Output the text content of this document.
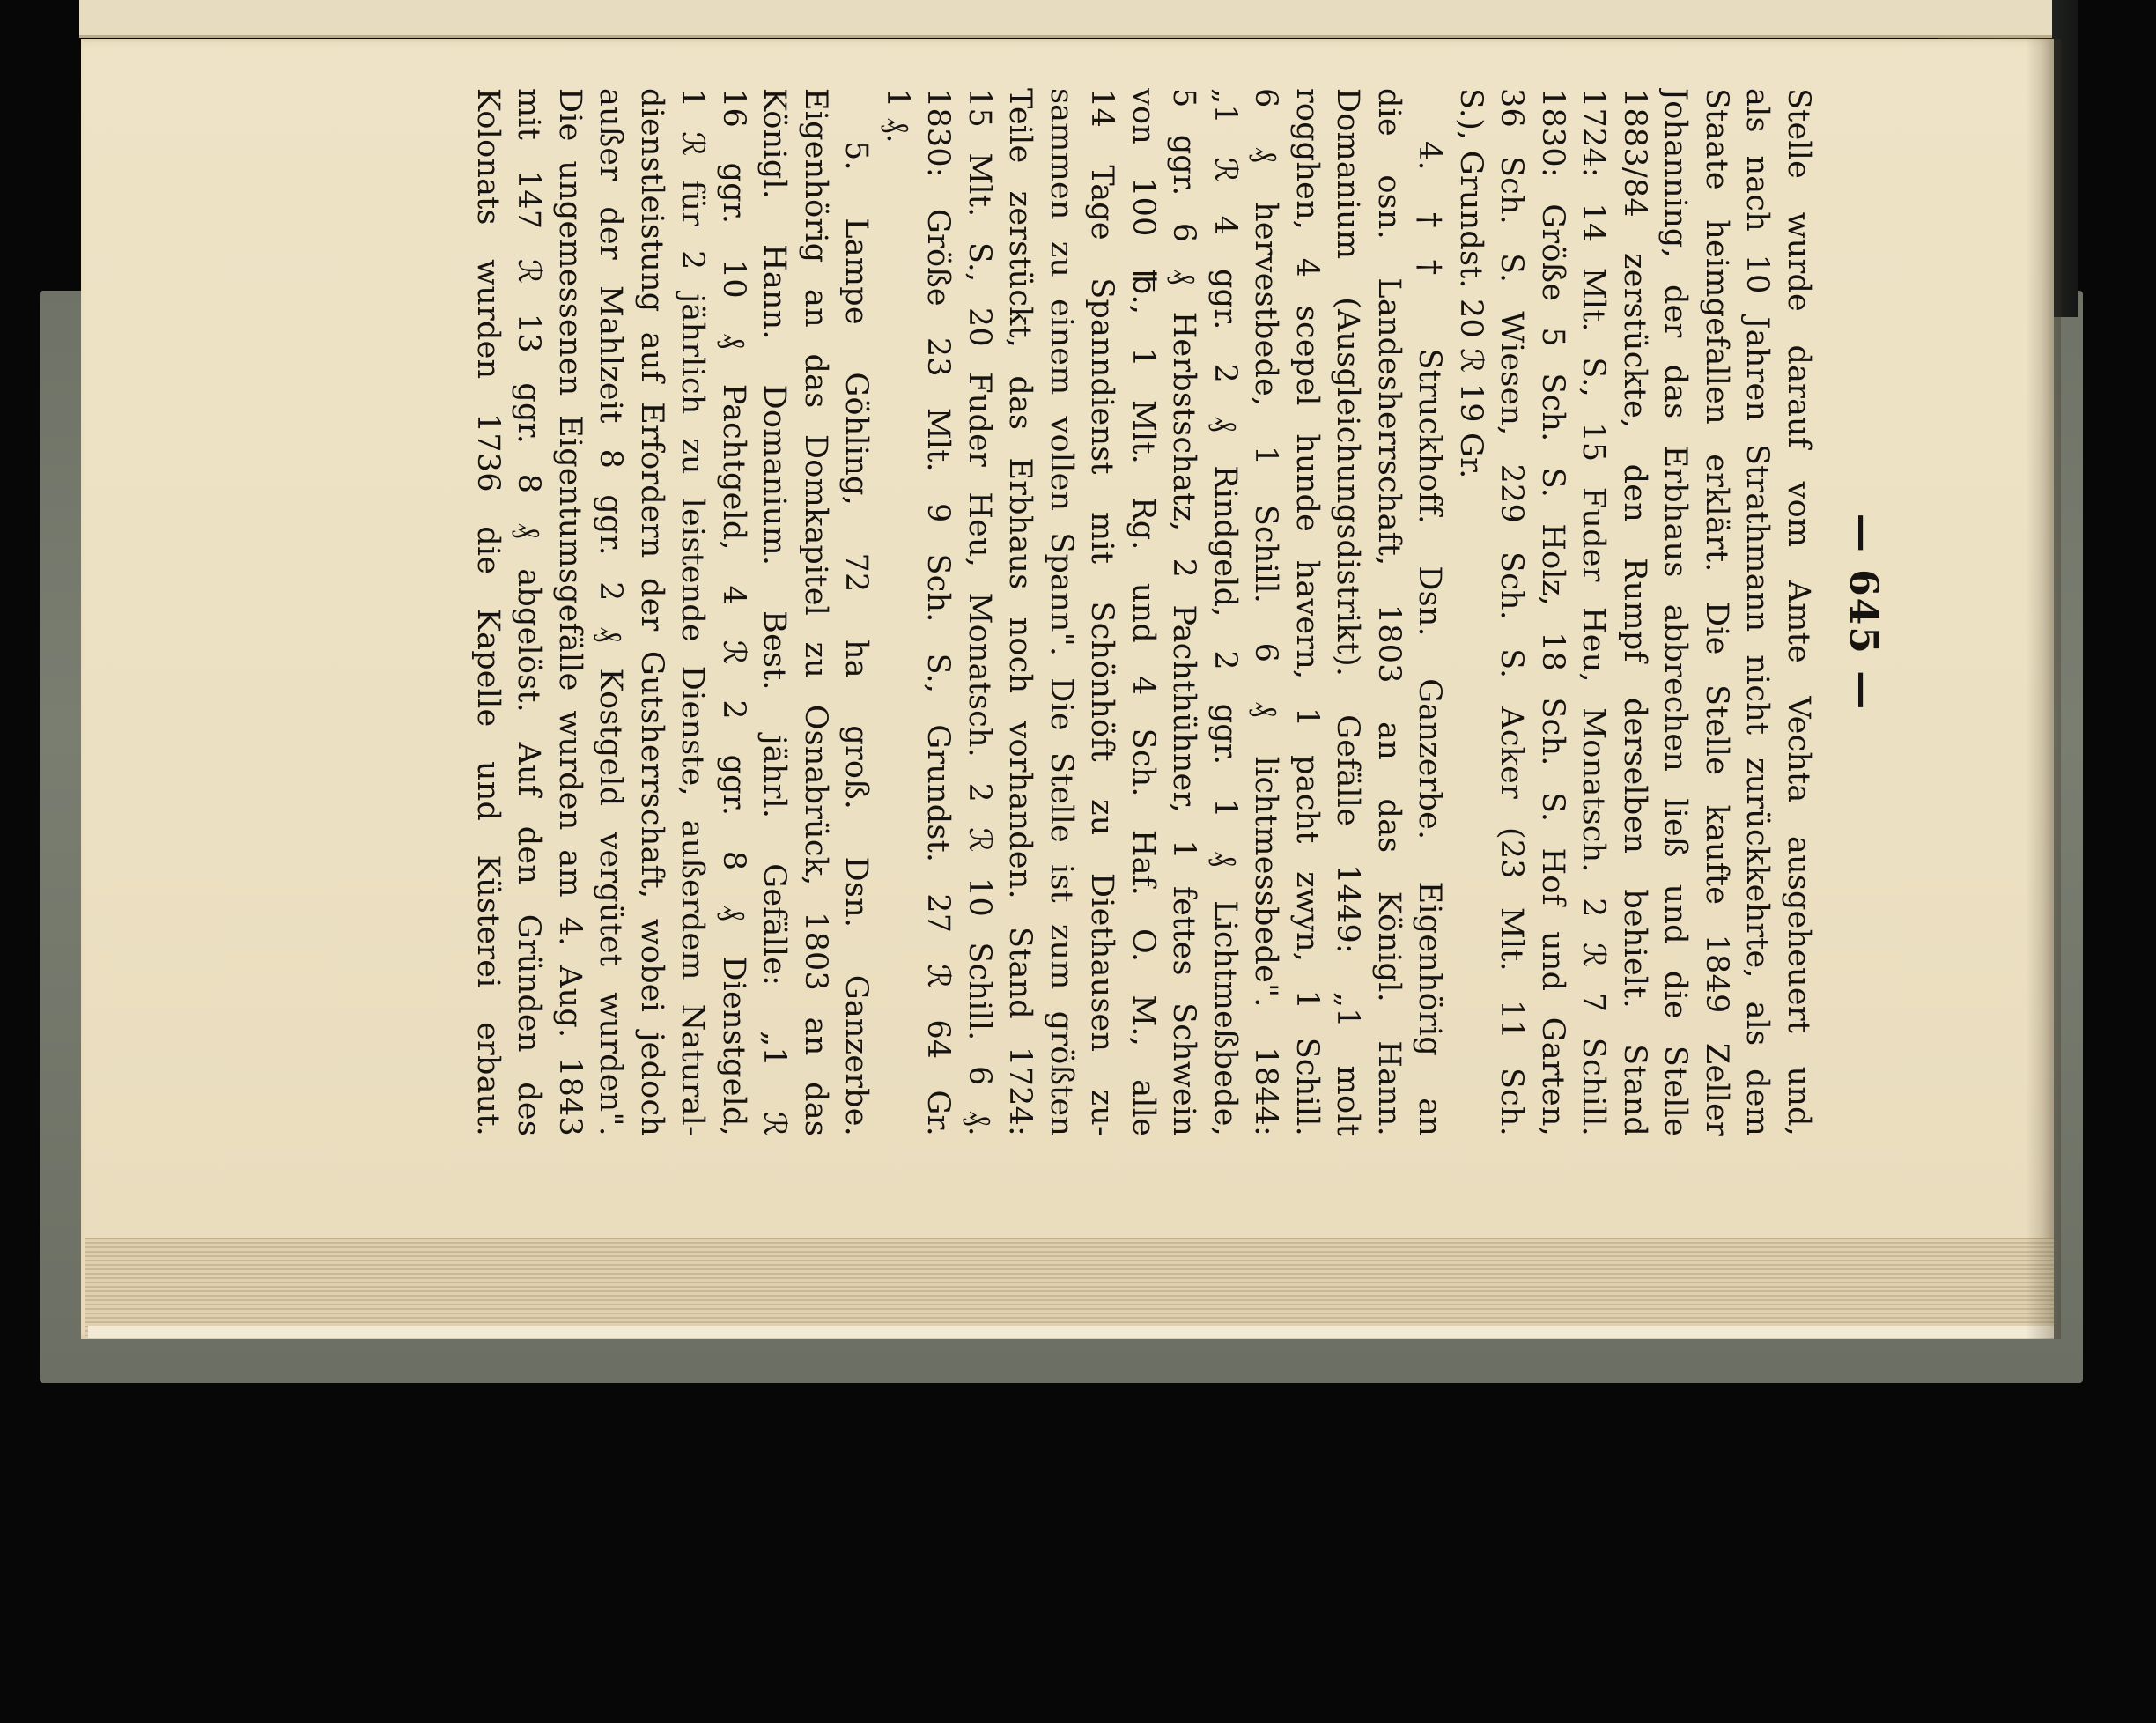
— 645 —
Stelle wurde darauf vom Amte Vechta ausgeheuert und,
als nach 10 Jahren Strathmann nicht zurückkehrte, als dem
Staate heimgefallen erklärt. Die Stelle kaufte 1849 Zeller
Johanning, der das Erbhaus abbrechen ließ und die Stelle
1883/84 zerstückte, den Rumpf derselben behielt. Stand
1724: 14 Mlt. S., 15 Fuder Heu, Monatsch. 2 ℛ 7 Schill.
1830: Größe 5 Sch. S. Holz, 18 Sch. S. Hof und Garten,
36 Sch. S. Wiesen, 229 Sch. S. Acker (23 Mlt. 11 Sch.
S.), Grundst. 20 ℛ 19 Gr.
4. †† Struckhoff. Dsn. Ganzerbe. Eigenhörig an
die osn. Landesherrschaft, 1803 an das Königl. Hann.
Domanium (Ausgleichungsdistrikt). Gefälle 1449: „1 molt
rogghen, 4 scepel hunde havern, 1 pacht zwyn, 1 Schill.
6 ₰ hervestbede, 1 Schill. 6 ₰ lichtmessbede". 1844:
„1 ℛ 4 ggr. 2 ₰ Rindgeld, 2 ggr. 1 ₰ Lichtmeßbede,
5 ggr. 6 ₰ Herbstschatz, 2 Pachthühner, 1 fettes Schwein
von 100 ℔., 1 Mlt. Rg. und 4 Sch. Haf. O. M., alle
14 Tage Spanndienst mit Schönhöft zu Diethausen zu-
sammen zu einem vollen Spann". Die Stelle ist zum größten
Teile zerstückt, das Erbhaus noch vorhanden. Stand 1724:
15 Mlt. S., 20 Fuder Heu, Monatsch. 2 ℛ 10 Schill. 6 ₰.
1830: Größe 23 Mlt. 9 Sch. S., Grundst. 27 ℛ 64 Gr.
1 ₰.
5. Lampe Göhling, 72 ha groß. Dsn. Ganzerbe.
Eigenhörig an das Domkapitel zu Osnabrück, 1803 an das
Königl. Hann. Domanium. Best. jährl. Gefälle: „1 ℛ
16 ggr. 10 ₰ Pachtgeld, 4 ℛ 2 ggr. 8 ₰ Dienstgeld,
1 ℛ für 2 jährlich zu leistende Dienste, außerdem Natural-
dienstleistung auf Erfordern der Gutsherrschaft, wobei jedoch
außer der Mahlzeit 8 ggr. 2 ₰ Kostgeld vergütet wurden".
Die ungemessenen Eigentumsgefälle wurden am 4. Aug. 1843
mit 147 ℛ 13 ggr. 8 ₰ abgelöst. Auf den Gründen des
Kolonats wurden 1736 die Kapelle und Küsterei erbaut.
